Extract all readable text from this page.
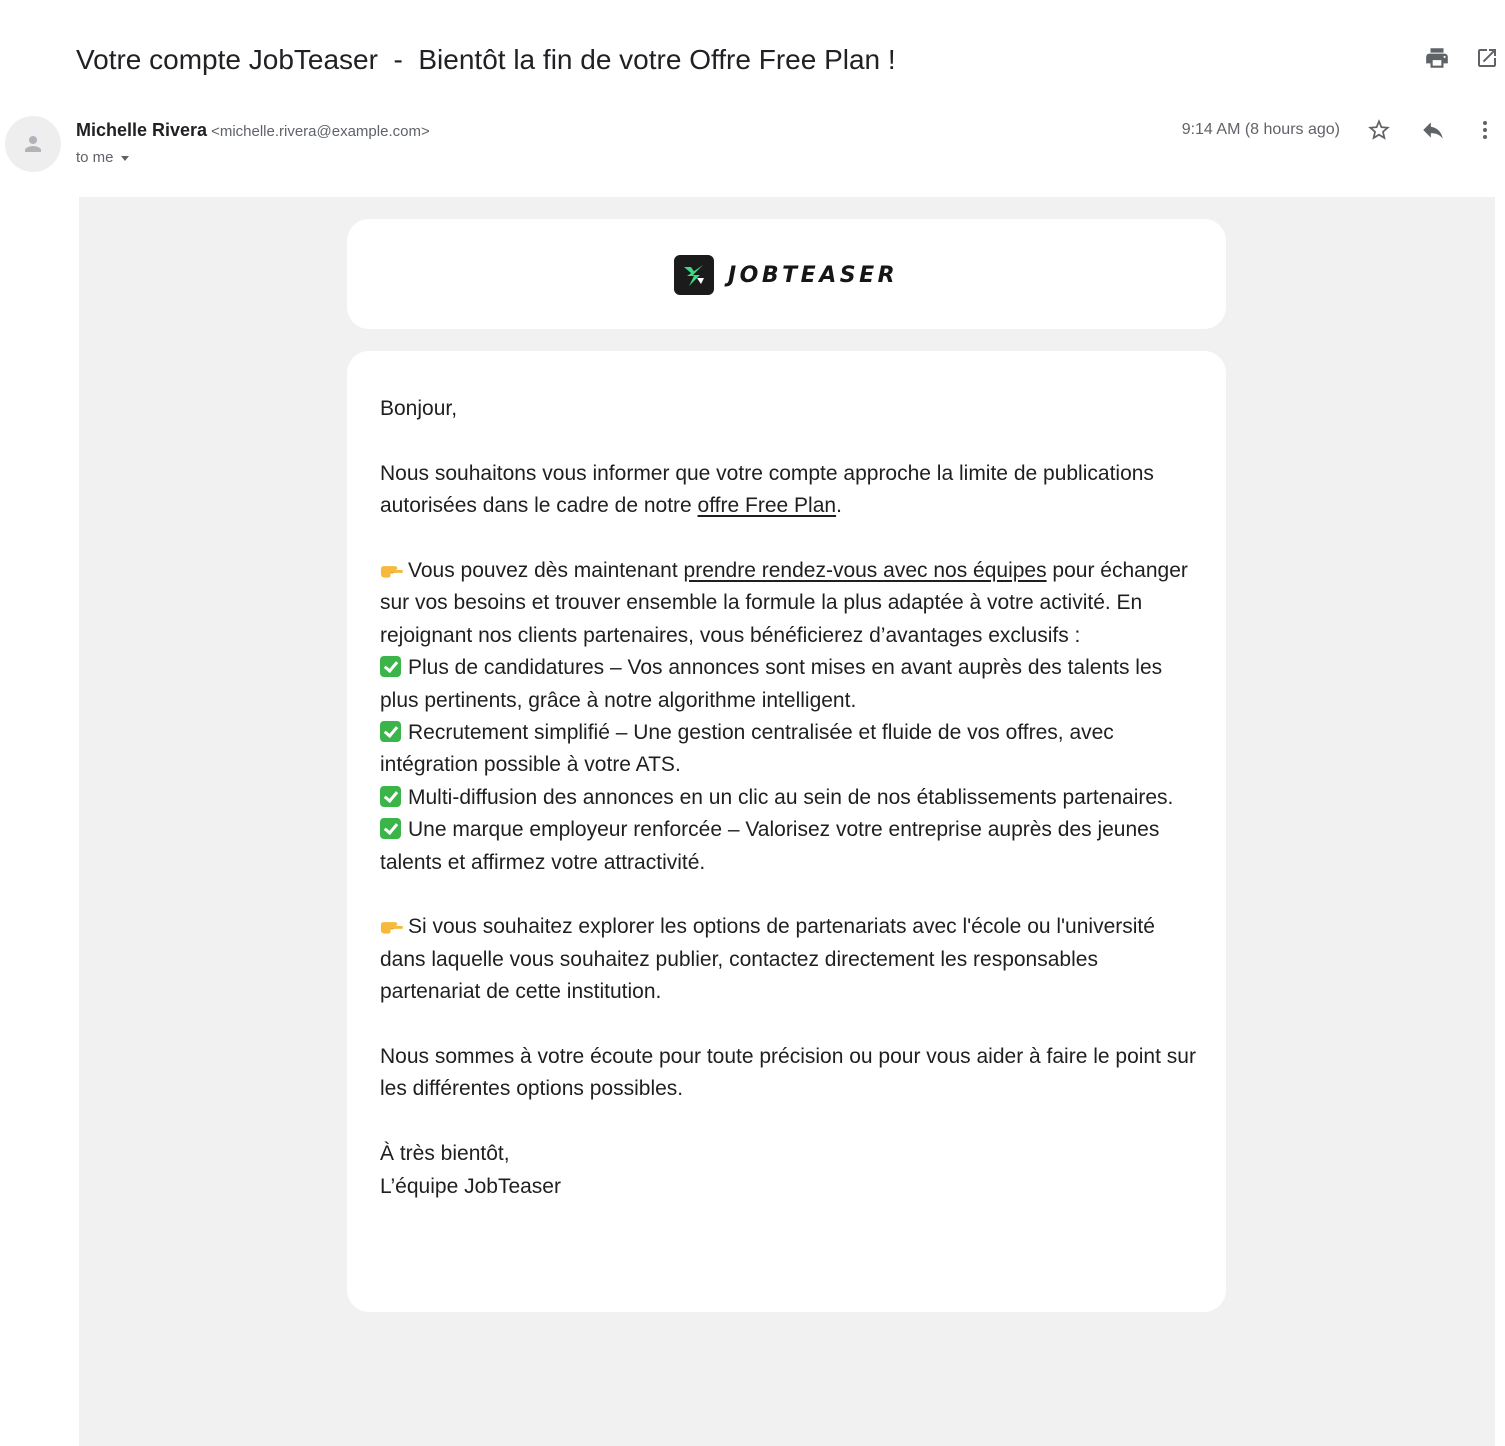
Votre compte JobTeaser  -  Bientôt la fin de votre Offre Free Plan !
Michelle Rivera <michelle.rivera@example.com>
to me
9:14 AM (8 hours ago)
JOBTEASER

Bonjour,

Nous souhaitons vous informer que votre compte approche la limite de publications autorisées dans le cadre de notre offre Free Plan.

Vous pouvez dès maintenant prendre rendez-vous avec nos équipes pour échanger sur vos besoins et trouver ensemble la formule la plus adaptée à votre activité. En rejoignant nos clients partenaires, vous bénéficierez d’avantages exclusifs :

Plus de candidatures – Vos annonces sont mises en avant auprès des talents les plus pertinents, grâce à notre algorithme intelligent.

Recrutement simplifié – Une gestion centralisée et fluide de vos offres, avec intégration possible à votre ATS.

Multi-diffusion des annonces en un clic au sein de nos établissements partenaires.

Une marque employeur renforcée – Valorisez votre entreprise auprès des jeunes talents et affirmez votre attractivité.

Si vous souhaitez explorer les options de partenariats avec l'école ou l'université dans laquelle vous souhaitez publier, contactez directement les responsables partenariat de cette institution.

Nous sommes à votre écoute pour toute précision ou pour vous aider à faire le point sur les différentes options possibles.

À très bientôt,

L’équipe JobTeaser
